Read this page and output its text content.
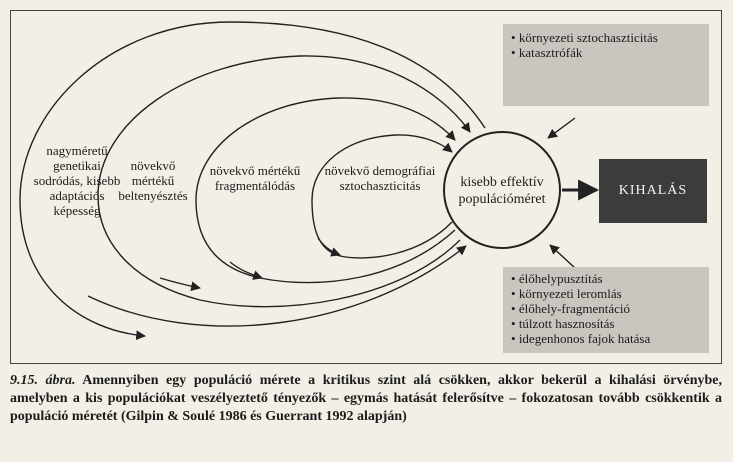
nagyméretű genetikai sodródás, kisebb adaptációs képesség
növekvő mértékű beltenyésztés
növekvő mértékű fragmentálódás
növekvő demográfiai sztochaszticitás	kisebb effektív populációméret
KIHALÁS
• környezeti sztochaszticitás
• katasztrófák
• élőhelypusztítás
• környezeti leromlás
• élőhely-fragmentáció
• túlzott hasznosítás
• idegenhonos fajok hatása
9.15. ábra. Amennyiben egy populáció mérete a kritikus szint alá csökken, akkor bekerül a kihalási örvénybe, amelyben a kis populációkat veszélyeztető tényezők – egymás hatását felerősítve – fokozatosan tovább csökkentik a populáció méretét (Gilpin & Soulé 1986 és Guerrant 1992 alapján)
